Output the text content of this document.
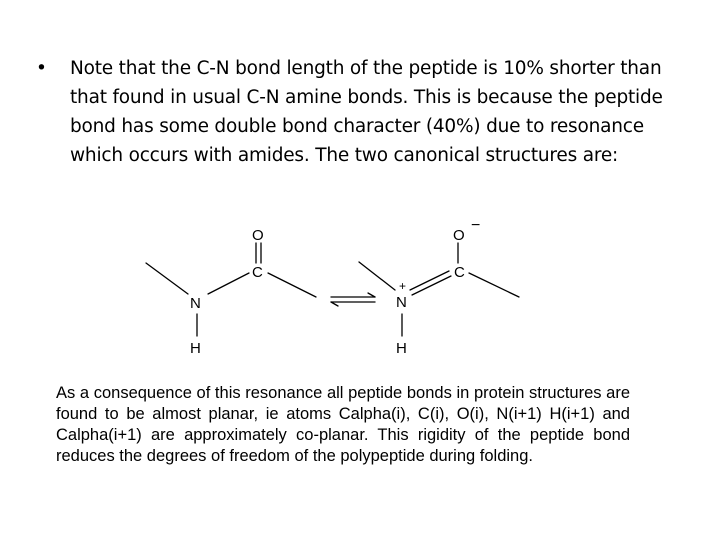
• Note that the C-N bond length of the peptide is 10% shorter than that found in usual C-N amine bonds. This is because the peptide bond has some double bond character (40%) due to resonance which occurs with amides. The two canonical structures are:
O
C
N
H
O
−
C
+
N
H
As a consequence of this resonance all peptide bonds in protein structures are found to be almost planar, ie atoms Calpha(i), C(i), O(i), N(i+1) H(i+1) and Calpha(i+1) are approximately co-planar. This rigidity of the peptide bond reduces the degrees of freedom of the polypeptide during folding.
